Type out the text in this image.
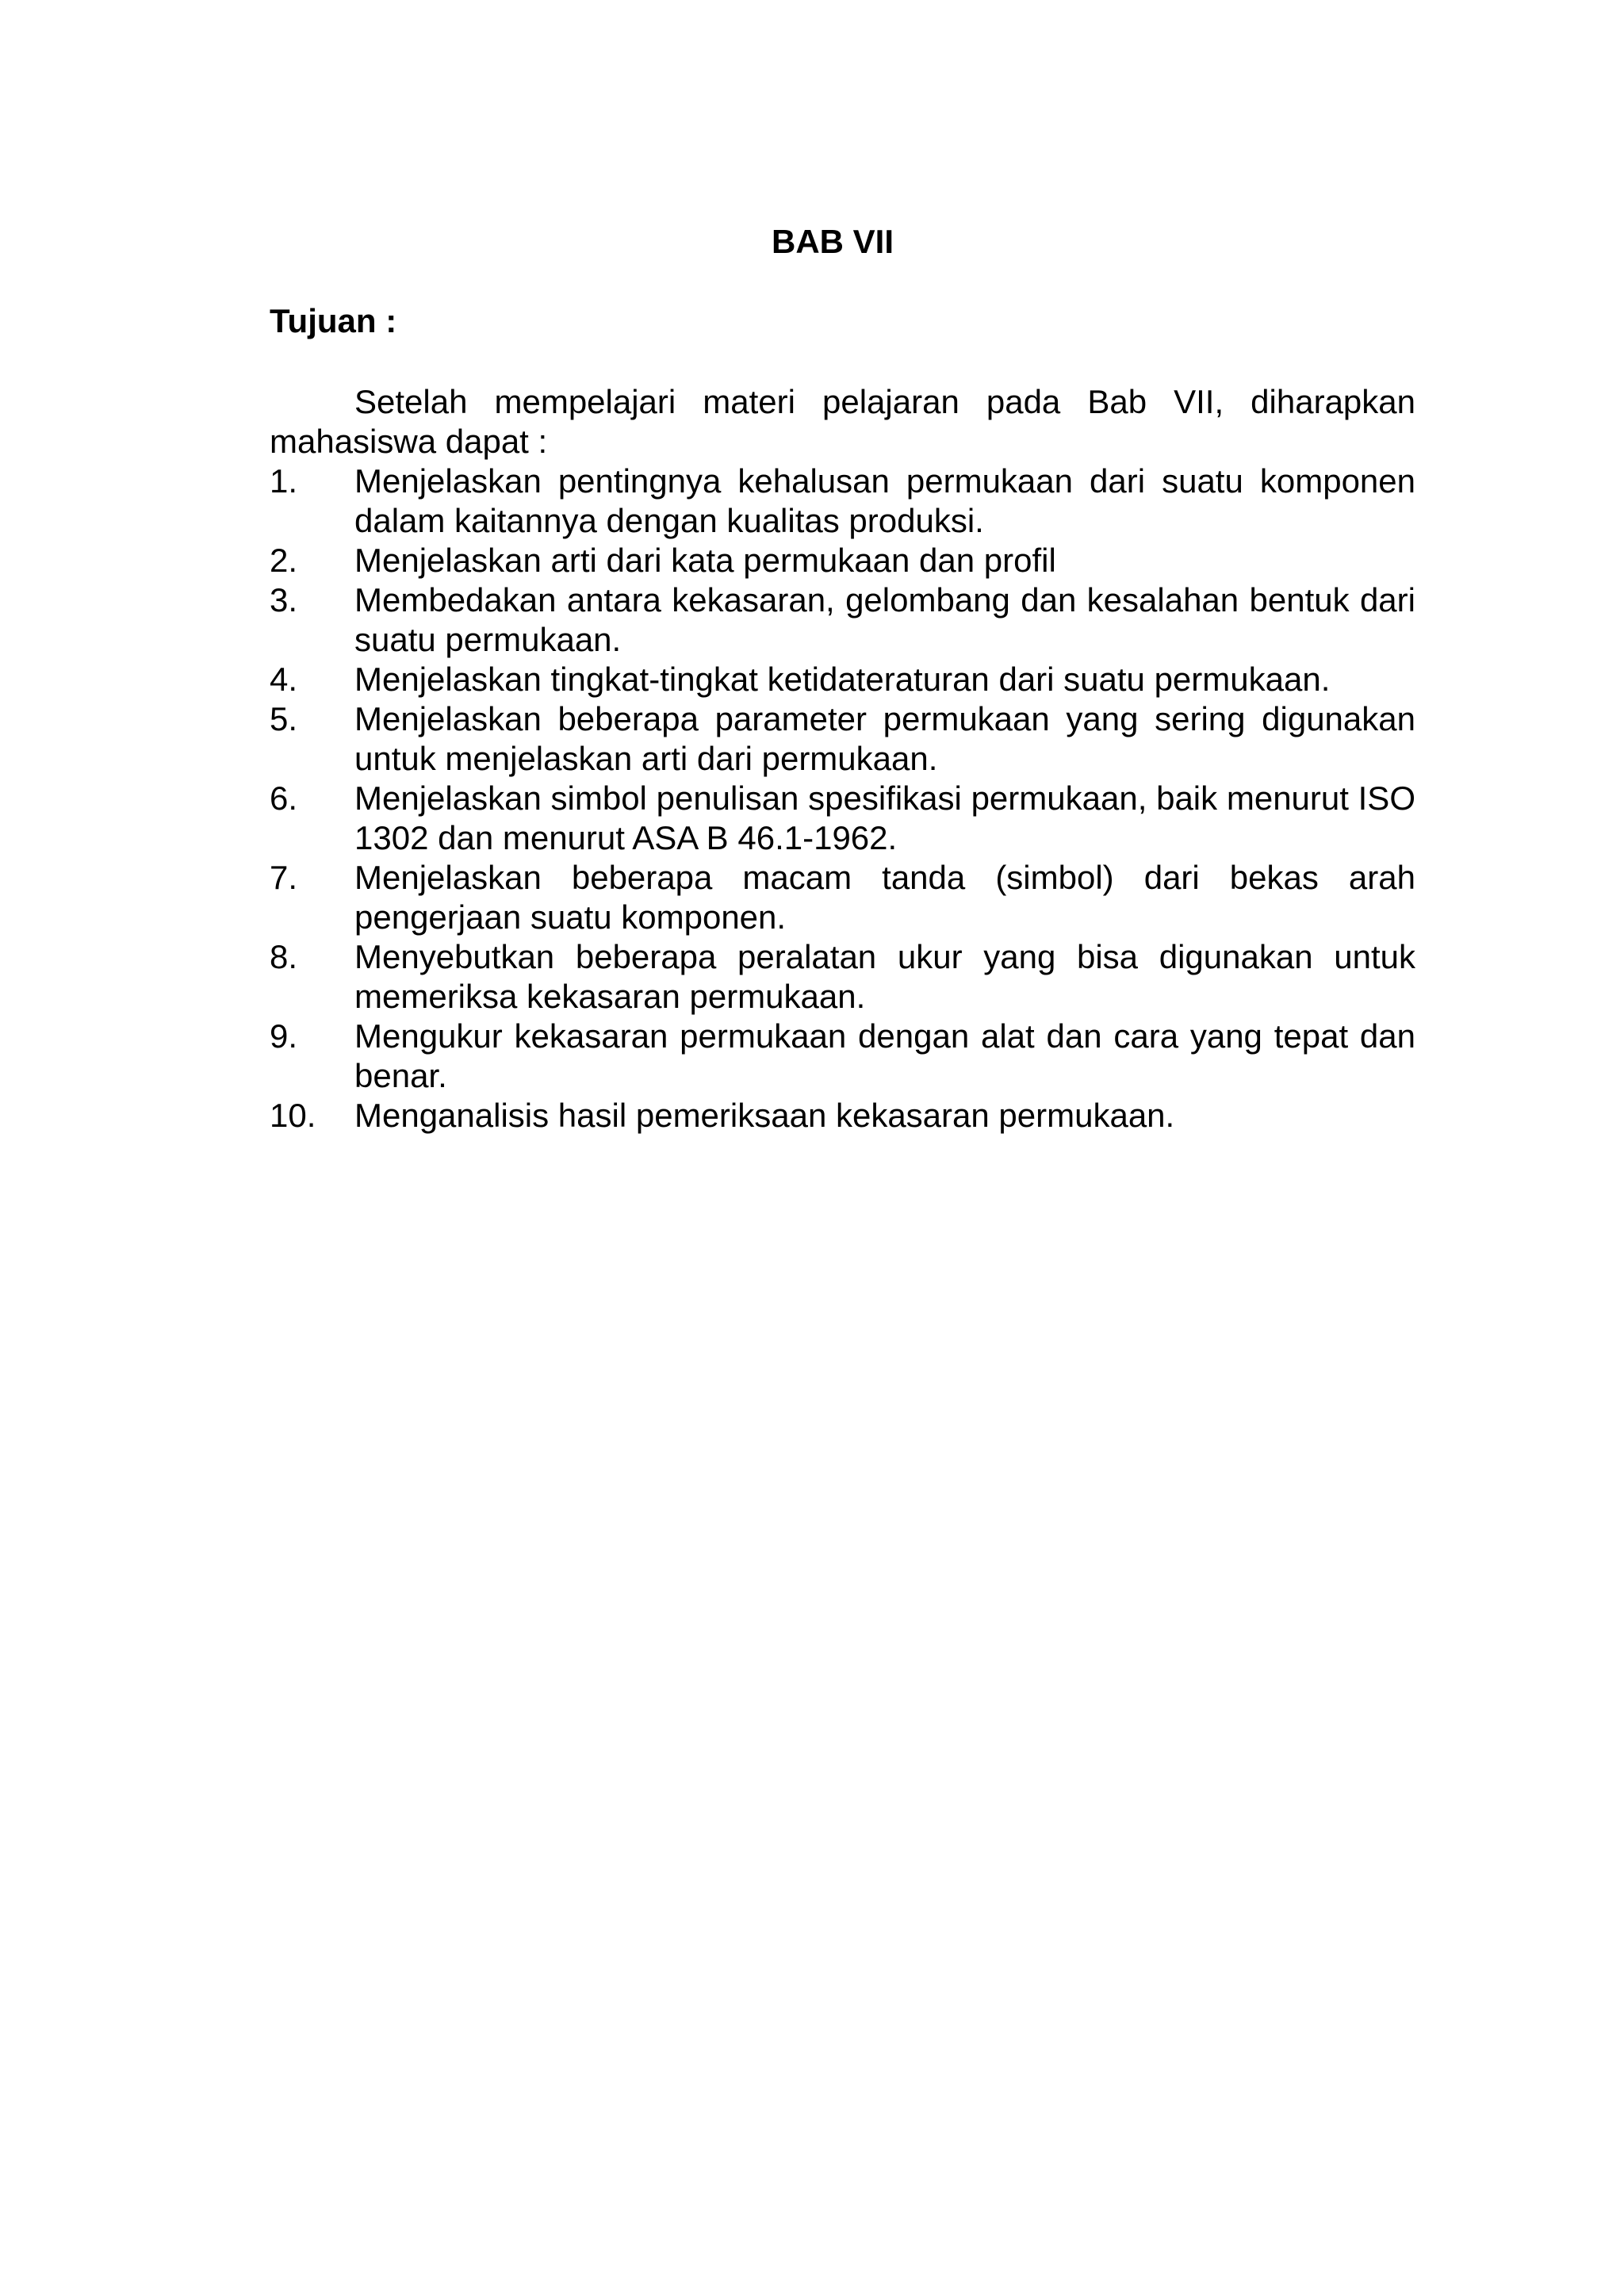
BAB VII
Tujuan :

Setelah mempelajari materi pelajaran pada Bab VII, diharapkan mahasiswa dapat :

1.	Menjelaskan pentingnya kehalusan permukaan dari suatu komponen dalam kaitannya dengan kualitas produksi.
2.	Menjelaskan arti dari kata permukaan dan profil
3.	Membedakan antara kekasaran, gelombang dan kesalahan bentuk dari suatu permukaan.
4.	Menjelaskan tingkat-tingkat ketidateraturan dari suatu permukaan.
5.	Menjelaskan beberapa parameter permukaan yang sering digunakan untuk menjelaskan arti dari permukaan.
6.	Menjelaskan simbol penulisan spesifikasi permukaan, baik menurut ISO 1302 dan menurut ASA B 46.1-1962.
7.	Menjelaskan beberapa macam tanda (simbol) dari bekas arah pengerjaan suatu komponen.
8.	Menyebutkan beberapa peralatan ukur yang bisa digunakan untuk memeriksa kekasaran permukaan.
9.	Mengukur kekasaran permukaan dengan alat dan cara yang tepat dan benar.
10.	Menganalisis hasil pemeriksaan kekasaran permukaan.
